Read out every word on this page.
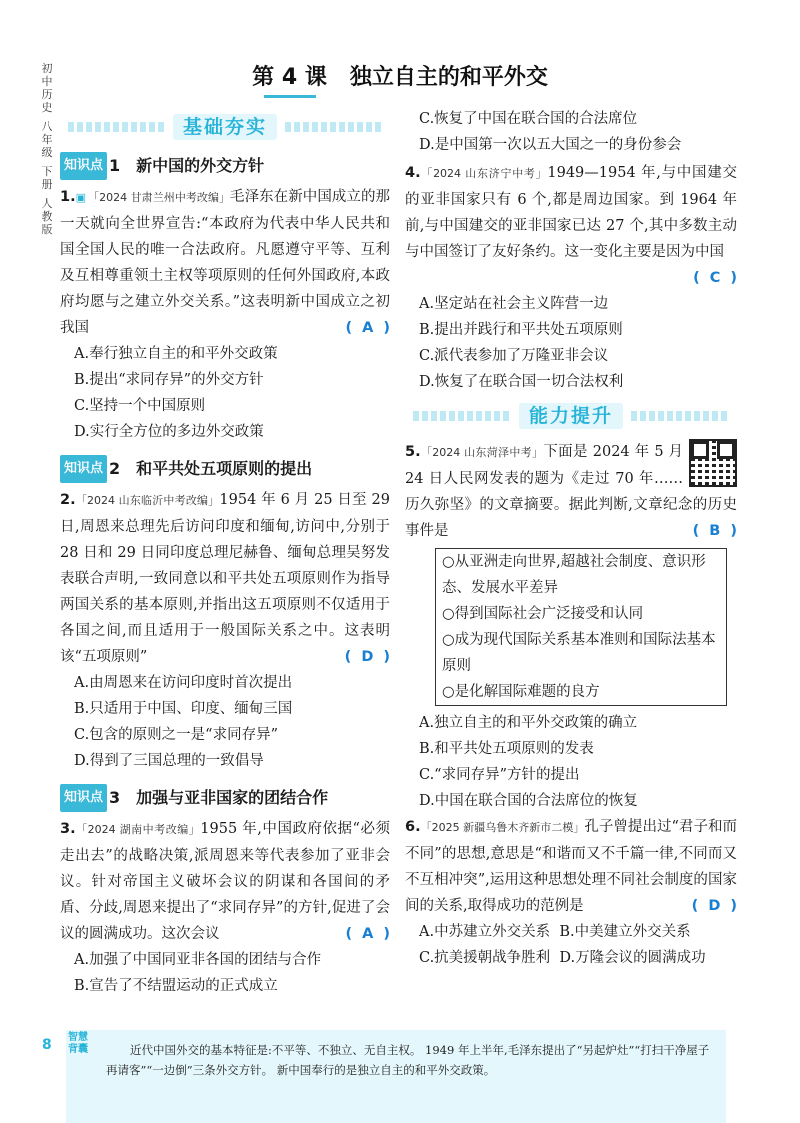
初
中
历
史

八
年
级

下
册

人
教
版
第 4 课 独立自主的和平外交
基础夯实
知识点 1 新中国的外交方针
1.▣ 「2024 甘肃兰州中考改编」毛泽东在新中国成立的那一天就向全世界宣告:“本政府为代表中华人民共和国全国人民的唯一合法政府。凡愿遵守平等、互利及互相尊重领土主权等项原则的任何外国政府,本政府均愿与之建立外交关系。”这表明新中国成立之初我国	( A )
A.奉行独立自主的和平外交政策
B.提出“求同存异”的外交方针
C.坚持一个中国原则
D.实行全方位的多边外交政策
知识点 2 和平共处五项原则的提出
2.「2024 山东临沂中考改编」1954 年 6 月 25 日至 29 日,周恩来总理先后访问印度和缅甸,访问中,分别于 28 日和 29 日同印度总理尼赫鲁、缅甸总理吴努发表联合声明,一致同意以和平共处五项原则作为指导两国关系的基本原则,并指出这五项原则不仅适用于各国之间,而且适用于一般国际关系之中。这表明该“五项原则”	( D )
A.由周恩来在访问印度时首次提出
B.只适用于中国、印度、缅甸三国
C.包含的原则之一是“求同存异”
D.得到了三国总理的一致倡导
知识点 3 加强与亚非国家的团结合作
3.「2024 湖南中考改编」1955 年,中国政府依据“必须走出去”的战略决策,派周恩来等代表参加了亚非会议。针对帝国主义破坏会议的阴谋和各国间的矛盾、分歧,周恩来提出了“求同存异”的方针,促进了会议的圆满成功。这次会议	( A )
A.加强了中国同亚非各国的团结与合作
B.宣告了不结盟运动的正式成立
C.恢复了中国在联合国的合法席位
D.是中国第一次以五大国之一的身份参会
4.「2024 山东济宁中考」1949—1954 年,与中国建交的亚非国家只有 6 个,都是周边国家。到 1964 年前,与中国建交的亚非国家已达 27 个,其中多数主动与中国签订了友好条约。这一变化主要是因为中国
( C )
A.坚定站在社会主义阵营一边
B.提出并践行和平共处五项原则
C.派代表参加了万隆亚非会议
D.恢复了在联合国一切合法权利
能力提升
5.「2024 山东菏泽中考」下面是 2024 年 5 月 24 日人民网发表的题为《走过 70 年……历久弥坚》的文章摘要。据此判断,文章纪念的历史事件是	( B )
○从亚洲走向世界,超越社会制度、意识形态、发展水平差异
○得到国际社会广泛接受和认同
○成为现代国际关系基本准则和国际法基本原则
○是化解国际难题的良方
A.独立自主的和平外交政策的确立
B.和平共处五项原则的发表
C.“求同存异”方针的提出
D.中国在联合国的合法席位的恢复
6.「2025 新疆乌鲁木齐新市二模」孔子曾提出过“君子和而不同”的思想,意思是“和谐而又不千篇一律,不同而又不互相冲突”,运用这种思想处理不同社会制度的国家间的关系,取得成功的范例是	( D )
A.中苏建立外交关系 B.中美建立外交关系
C.抗美援朝战争胜利 D.万隆会议的圆满成功
近代中国外交的基本特征是:不平等、不独立、无自主权。 1949 年上半年,毛泽东提出了“另起炉灶”“打扫干净屋子再请客”“一边倒”三条外交方针。 新中国奉行的是独立自主的和平外交政策。
8	智慧背囊
